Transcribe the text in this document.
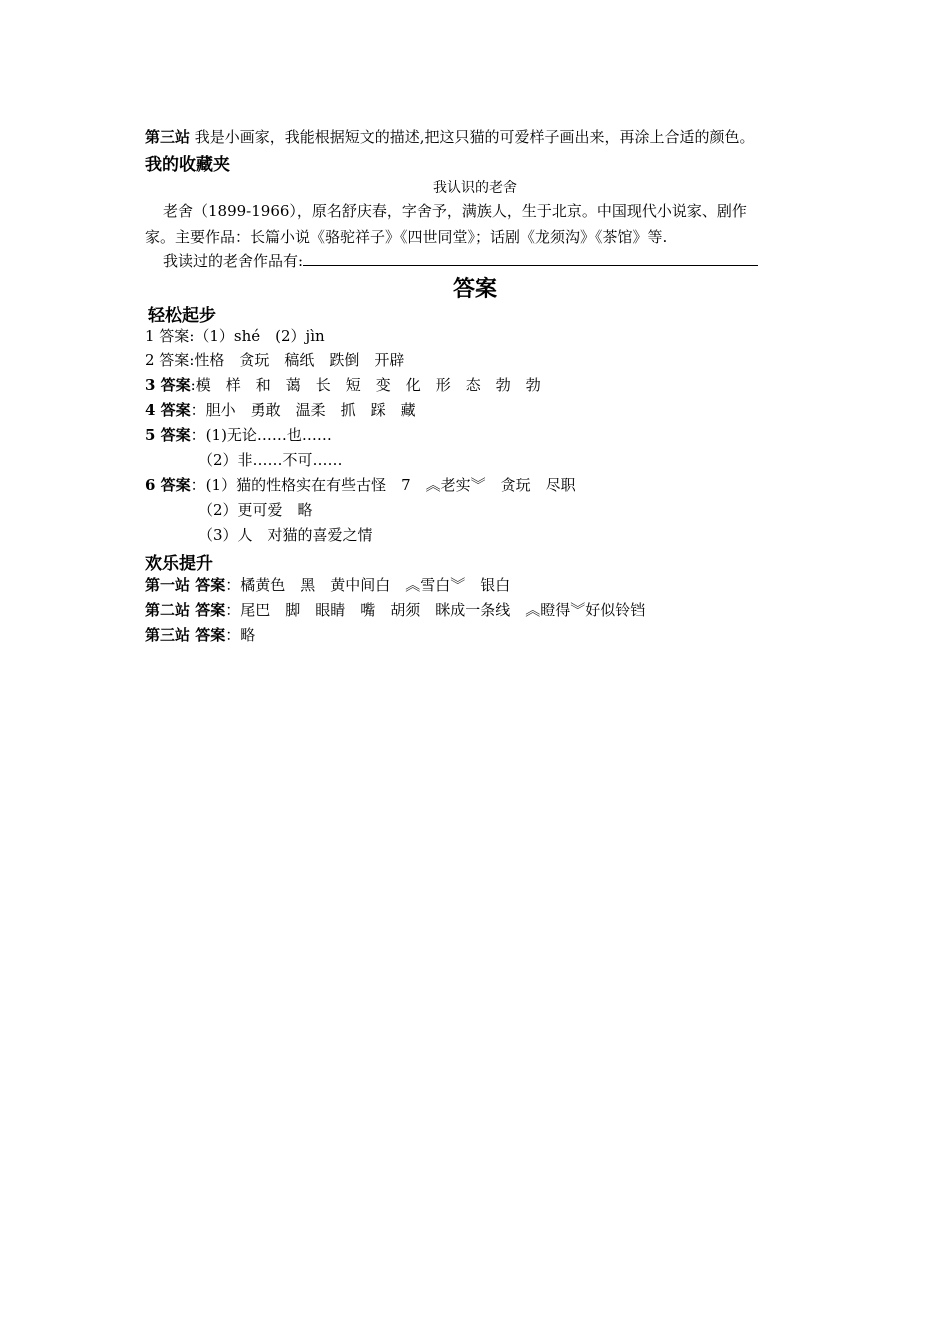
第三站 我是小画家，我能根据短文的描述,把这只猫的可爱样子画出来，再涂上合适的颜色。
我的收藏夹
我认识的老舍
老舍（1899-1966），原名舒庆春，字舍予，满族人，生于北京。中国现代小说家、剧作
家。主要作品：长篇小说《骆驼祥子》《四世同堂》；话剧《龙须沟》《茶馆》等.
我读过的老舍作品有:
答案
轻松起步
1 答案:（1）shé　(2）jìn
2 答案:性格　贪玩　稿纸　跌倒　开辟
3 答案:模　样　和　蔼　长　短　变　化　形　态　勃　勃
4 答案：胆小　勇敢　温柔　抓　踩　藏
5 答案：(1)无论……也……
（2）非……不可……
6 答案：(1）猫的性格实在有些古怪　7　︽老实︾　贪玩　尽职
（2）更可爱　略
（3）人　对猫的喜爱之情
欢乐提升
第一站 答案：橘黄色　黑　黄中间白　︽雪白︾　银白
第二站 答案：尾巴　脚　眼睛　嘴　胡须　眯成一条线　︽瞪得︾好似铃铛
第三站 答案：略
